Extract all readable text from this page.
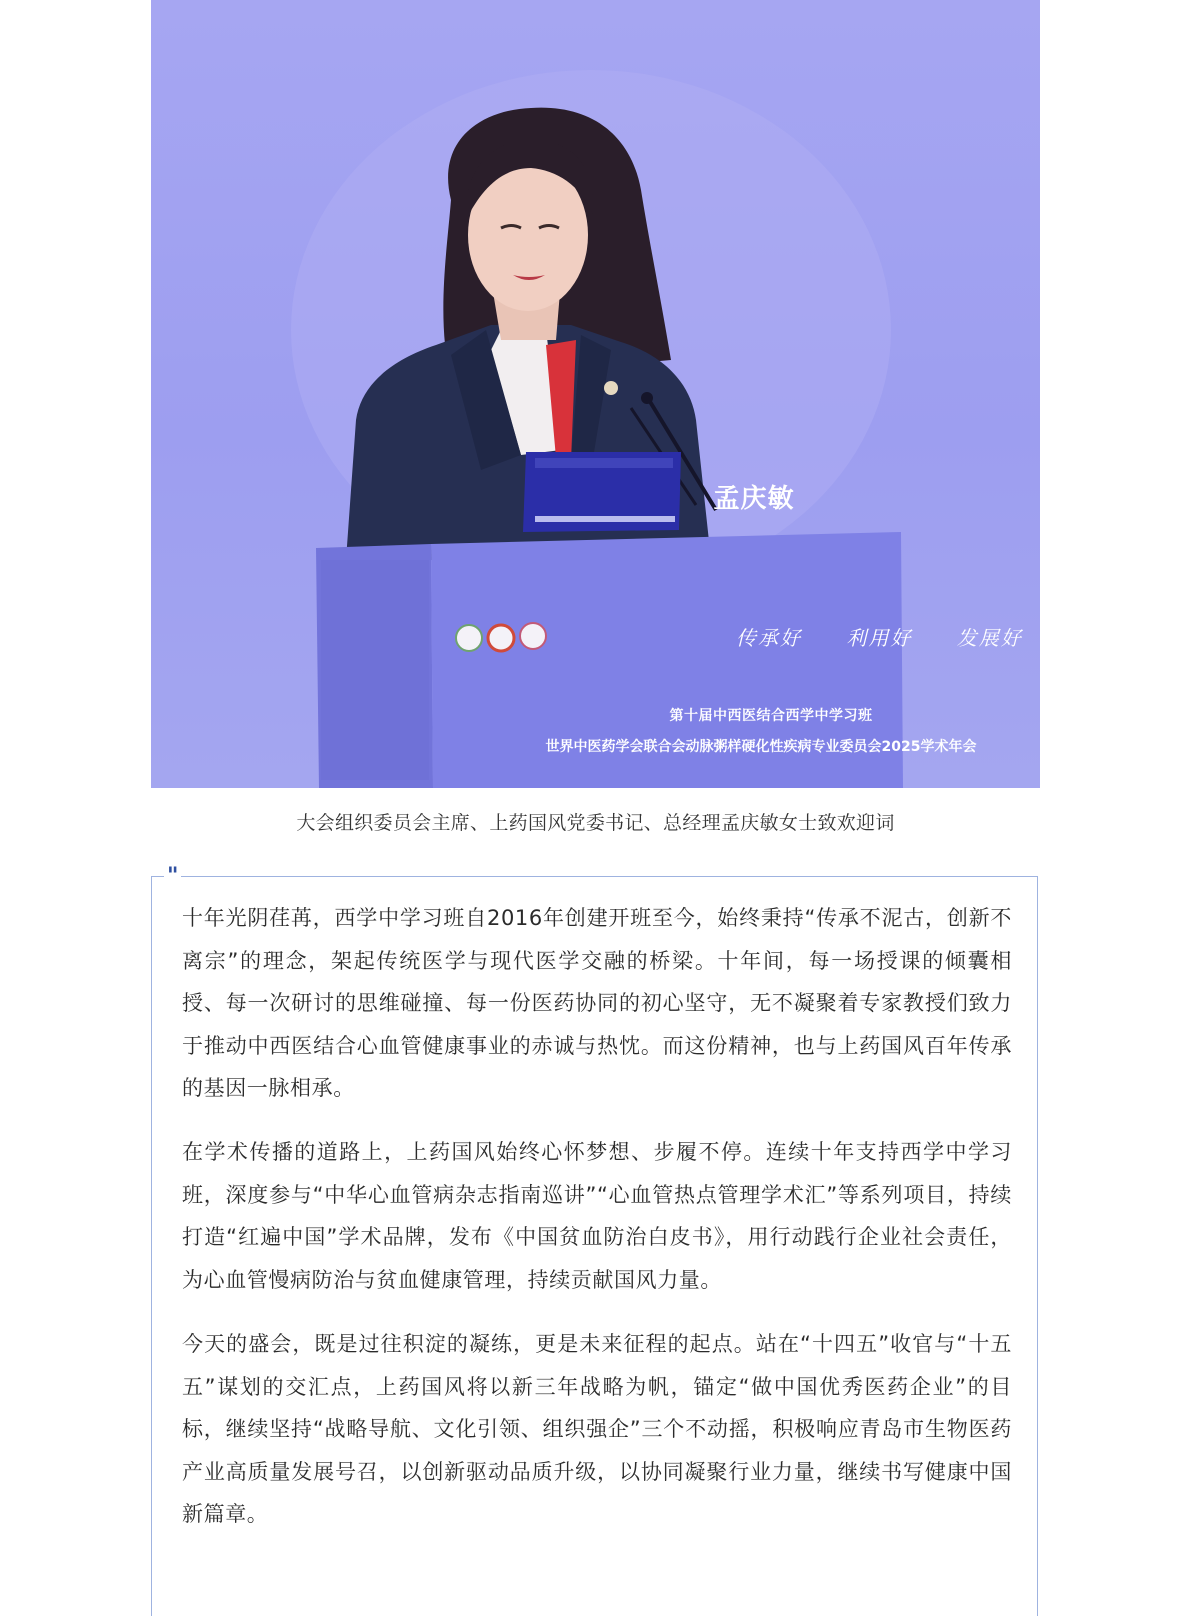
孟庆敏
传承好 利用好 发展好
第十届中西医结合西学中学习班
世界中医药学会联合会动脉粥样硬化性疾病专业委员会2025学术年会
大会组织委员会主席、上药国风党委书记、总经理孟庆敏女士致欢迎词
"

十年光阴荏苒，西学中学习班自2016年创建开班至今，始终秉持“传承不泥古，创新不离宗”的理念，架起传统医学与现代医学交融的桥梁。十年间，每一场授课的倾囊相授、每一次研讨的思维碰撞、每一份医药协同的初心坚守，无不凝聚着专家教授们致力于推动中西医结合心血管健康事业的赤诚与热忱。而这份精神，也与上药国风百年传承的基因一脉相承。

在学术传播的道路上，上药国风始终心怀梦想、步履不停。连续十年支持西学中学习班，深度参与“中华心血管病杂志指南巡讲”“心血管热点管理学术汇”等系列项目，持续打造“红遍中国”学术品牌，发布《中国贫血防治白皮书》，用行动践行企业社会责任，为心血管慢病防治与贫血健康管理，持续贡献国风力量。

今天的盛会，既是过往积淀的凝练，更是未来征程的起点。站在“十四五”收官与“十五五”谋划的交汇点，上药国风将以新三年战略为帆，锚定“做中国优秀医药企业”的目标，继续坚持“战略导航、文化引领、组织强企”三个不动摇，积极响应青岛市生物医药产业高质量发展号召，以创新驱动品质升级，以协同凝聚行业力量，继续书写健康中国新篇章。
